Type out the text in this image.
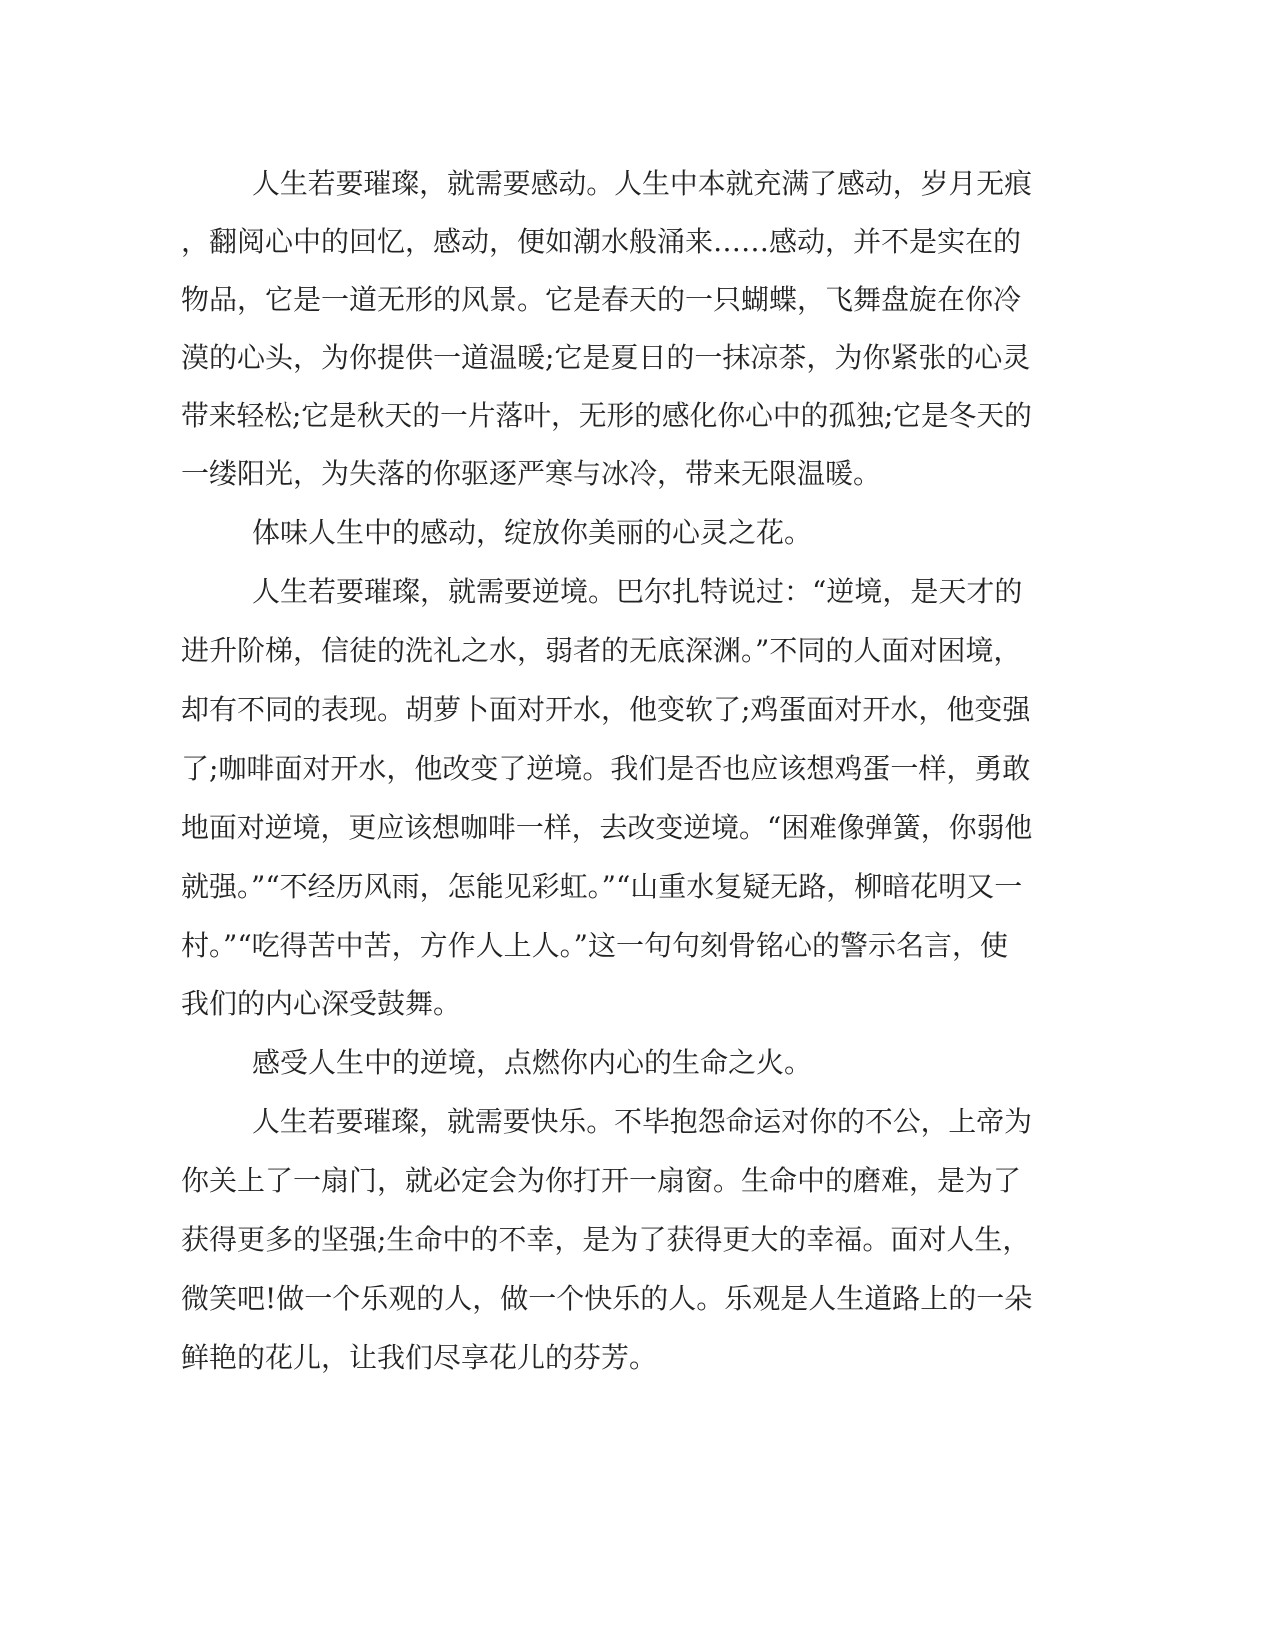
人生若要璀璨，就需要感动。人生中本就充满了感动，岁月无痕
，翻阅心中的回忆，感动，便如潮水般涌来……感动，并不是实在的
物品，它是一道无形的风景。它是春天的一只蝴蝶，飞舞盘旋在你冷
漠的心头，为你提供一道温暖;它是夏日的一抹凉茶，为你紧张的心灵
带来轻松;它是秋天的一片落叶，无形的感化你心中的孤独;它是冬天的
一缕阳光，为失落的你驱逐严寒与冰冷，带来无限温暖。
体味人生中的感动，绽放你美丽的心灵之花。
人生若要璀璨，就需要逆境。巴尔扎特说过：“逆境，是天才的
进升阶梯，信徒的洗礼之水，弱者的无底深渊。”不同的人面对困境，
却有不同的表现。胡萝卜面对开水，他变软了;鸡蛋面对开水，他变强
了;咖啡面对开水，他改变了逆境。我们是否也应该想鸡蛋一样，勇敢
地面对逆境，更应该想咖啡一样，去改变逆境。“困难像弹簧，你弱他
就强。”“不经历风雨，怎能见彩虹。”“山重水复疑无路，柳暗花明又一
村。”“吃得苦中苦，方作人上人。”这一句句刻骨铭心的警示名言，使
我们的内心深受鼓舞。
感受人生中的逆境，点燃你内心的生命之火。
人生若要璀璨，就需要快乐。不毕抱怨命运对你的不公，上帝为
你关上了一扇门，就必定会为你打开一扇窗。生命中的磨难，是为了
获得更多的坚强;生命中的不幸，是为了获得更大的幸福。面对人生，
微笑吧!做一个乐观的人，做一个快乐的人。乐观是人生道路上的一朵
鲜艳的花儿，让我们尽享花儿的芬芳。
